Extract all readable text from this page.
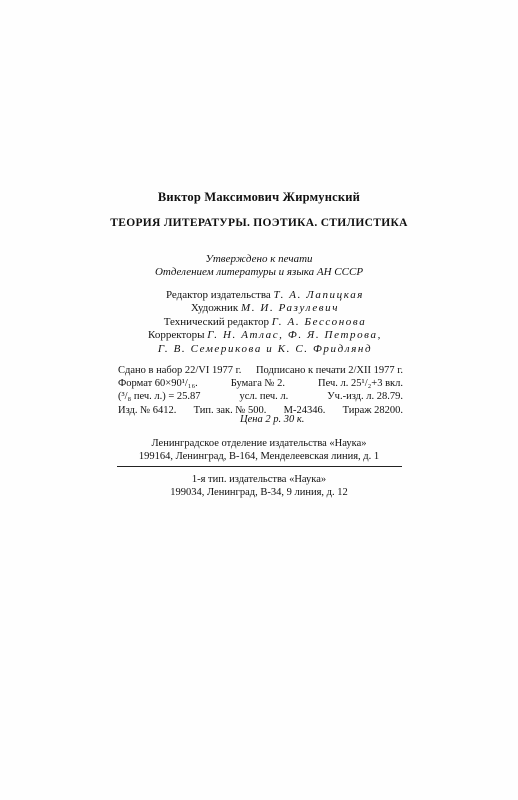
Виктор Максимович Жирмунский
ТЕОРИЯ ЛИТЕРАТУРЫ. ПОЭТИКА. СТИЛИСТИКА
Утверждено к печати
Отделением литературы и языка АН СССР
Редактор издательства Т. А. Лапицкая
Художник М. И. Разулевич
Технический редактор Г. А. Бессонова
Корректоры Г. Н. Атлас, Ф. Я. Петрова,
Г. В. Семерикова и К. С. Фридлянд
Сдано в набор 22/VI 1977 г. Подписано к печати 2/XII 1977 г.
Формат 60×90¹/₁₆.	Бумага № 2.	Печ. л. 25¹/₂+3 вкл.
(³/₈ печ. л.) = 25.87	усл. печ. л.	Уч.-изд. л. 28.79.
Изд. № 6412. Тип. зак. № 500. М-24346. Тираж 28200.
Цена 2 р. 30 к.
Ленинградское отделение издательства «Наука»
199164, Ленинград, В-164, Менделеевская линия, д. 1
1-я тип. издательства «Наука»
199034, Ленинград, В-34, 9 линия, д. 12
